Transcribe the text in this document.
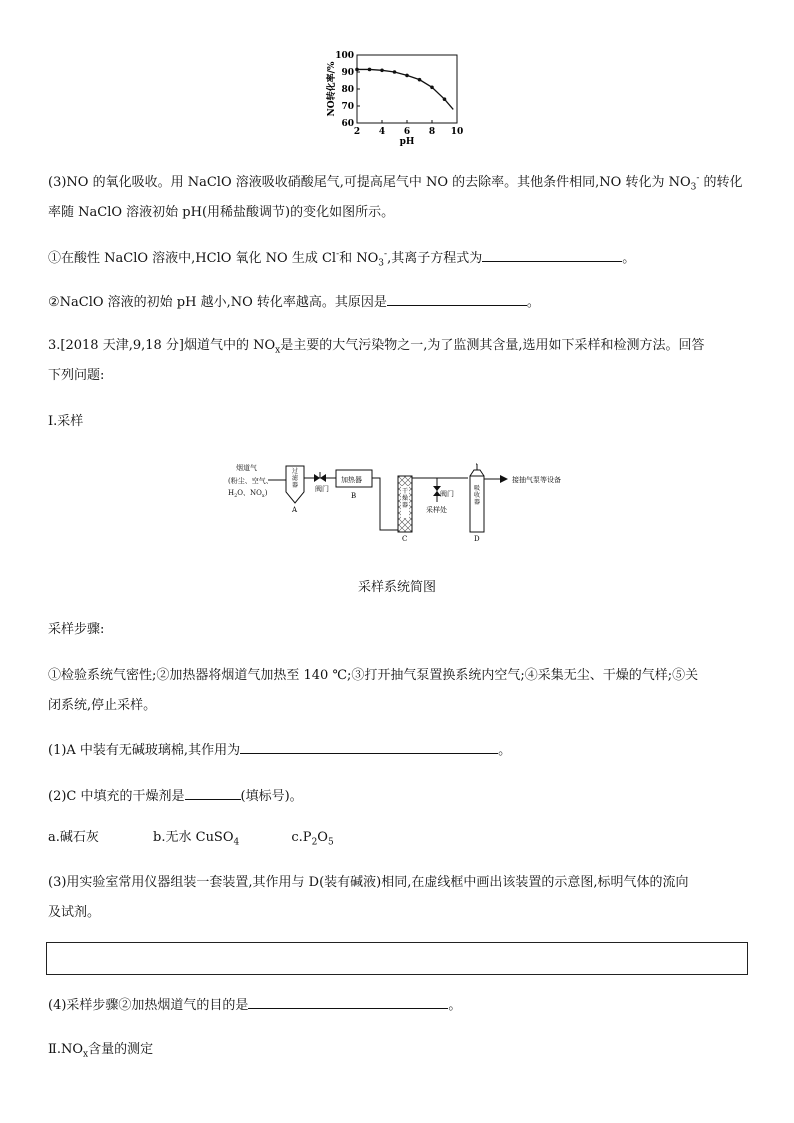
2 4 6 8 10
60
70
80
90
100
pH
NO转化率/%
(3)NO 的氧化吸收。用 NaClO 溶液吸收硝酸尾气,可提高尾气中 NO 的去除率。其他条件相同,NO 转化为 $NO_3^-$ 的转化
率随 NaClO 溶液初始 pH(用稀盐酸调节)的变化如图所示。
①在酸性 NaClO 溶液中,HClO 氧化 NO 生成 Cl-和 $NO_3^-$,其离子方程式为	。
②NaClO 溶液的初始 pH 越小,NO 转化率越高。其原因是	。
3.[2018 天津,9,18 分]烟道气中的 $NO_x$是主要的大气污染物之一,为了监测其含量,选用如下采样和检测方法。回答
下列问题:
Ⅰ.采样
烟道气
(粉尘、空气、
$H_2O$、$NO_x$)
过滤器
A
阀门
加热器
B
干燥器
C
阀门
采样处
吸收器
D
接抽气泵等设备
采样系统简图
采样步骤:
①检验系统气密性;②加热器将烟道气加热至 140 ℃;③打开抽气泵置换系统内空气;④采集无尘、干燥的气样;⑤关
闭系统,停止采样。
(1)A 中装有无碱玻璃棉,其作用为	。
(2)C 中填充的干燥剂是	(填标号)。
a.碱石灰	b.无水 CuSO$_4$	$c.P_2O_5$
(3)用实验室常用仪器组装一套装置,其作用与 D(装有碱液)相同,在虚线框中画出该装置的示意图,标明气体的流向
及试剂。
(4)采样步骤②加热烟道气的目的是	。
$Ⅱ.NO_x$含量的测定
